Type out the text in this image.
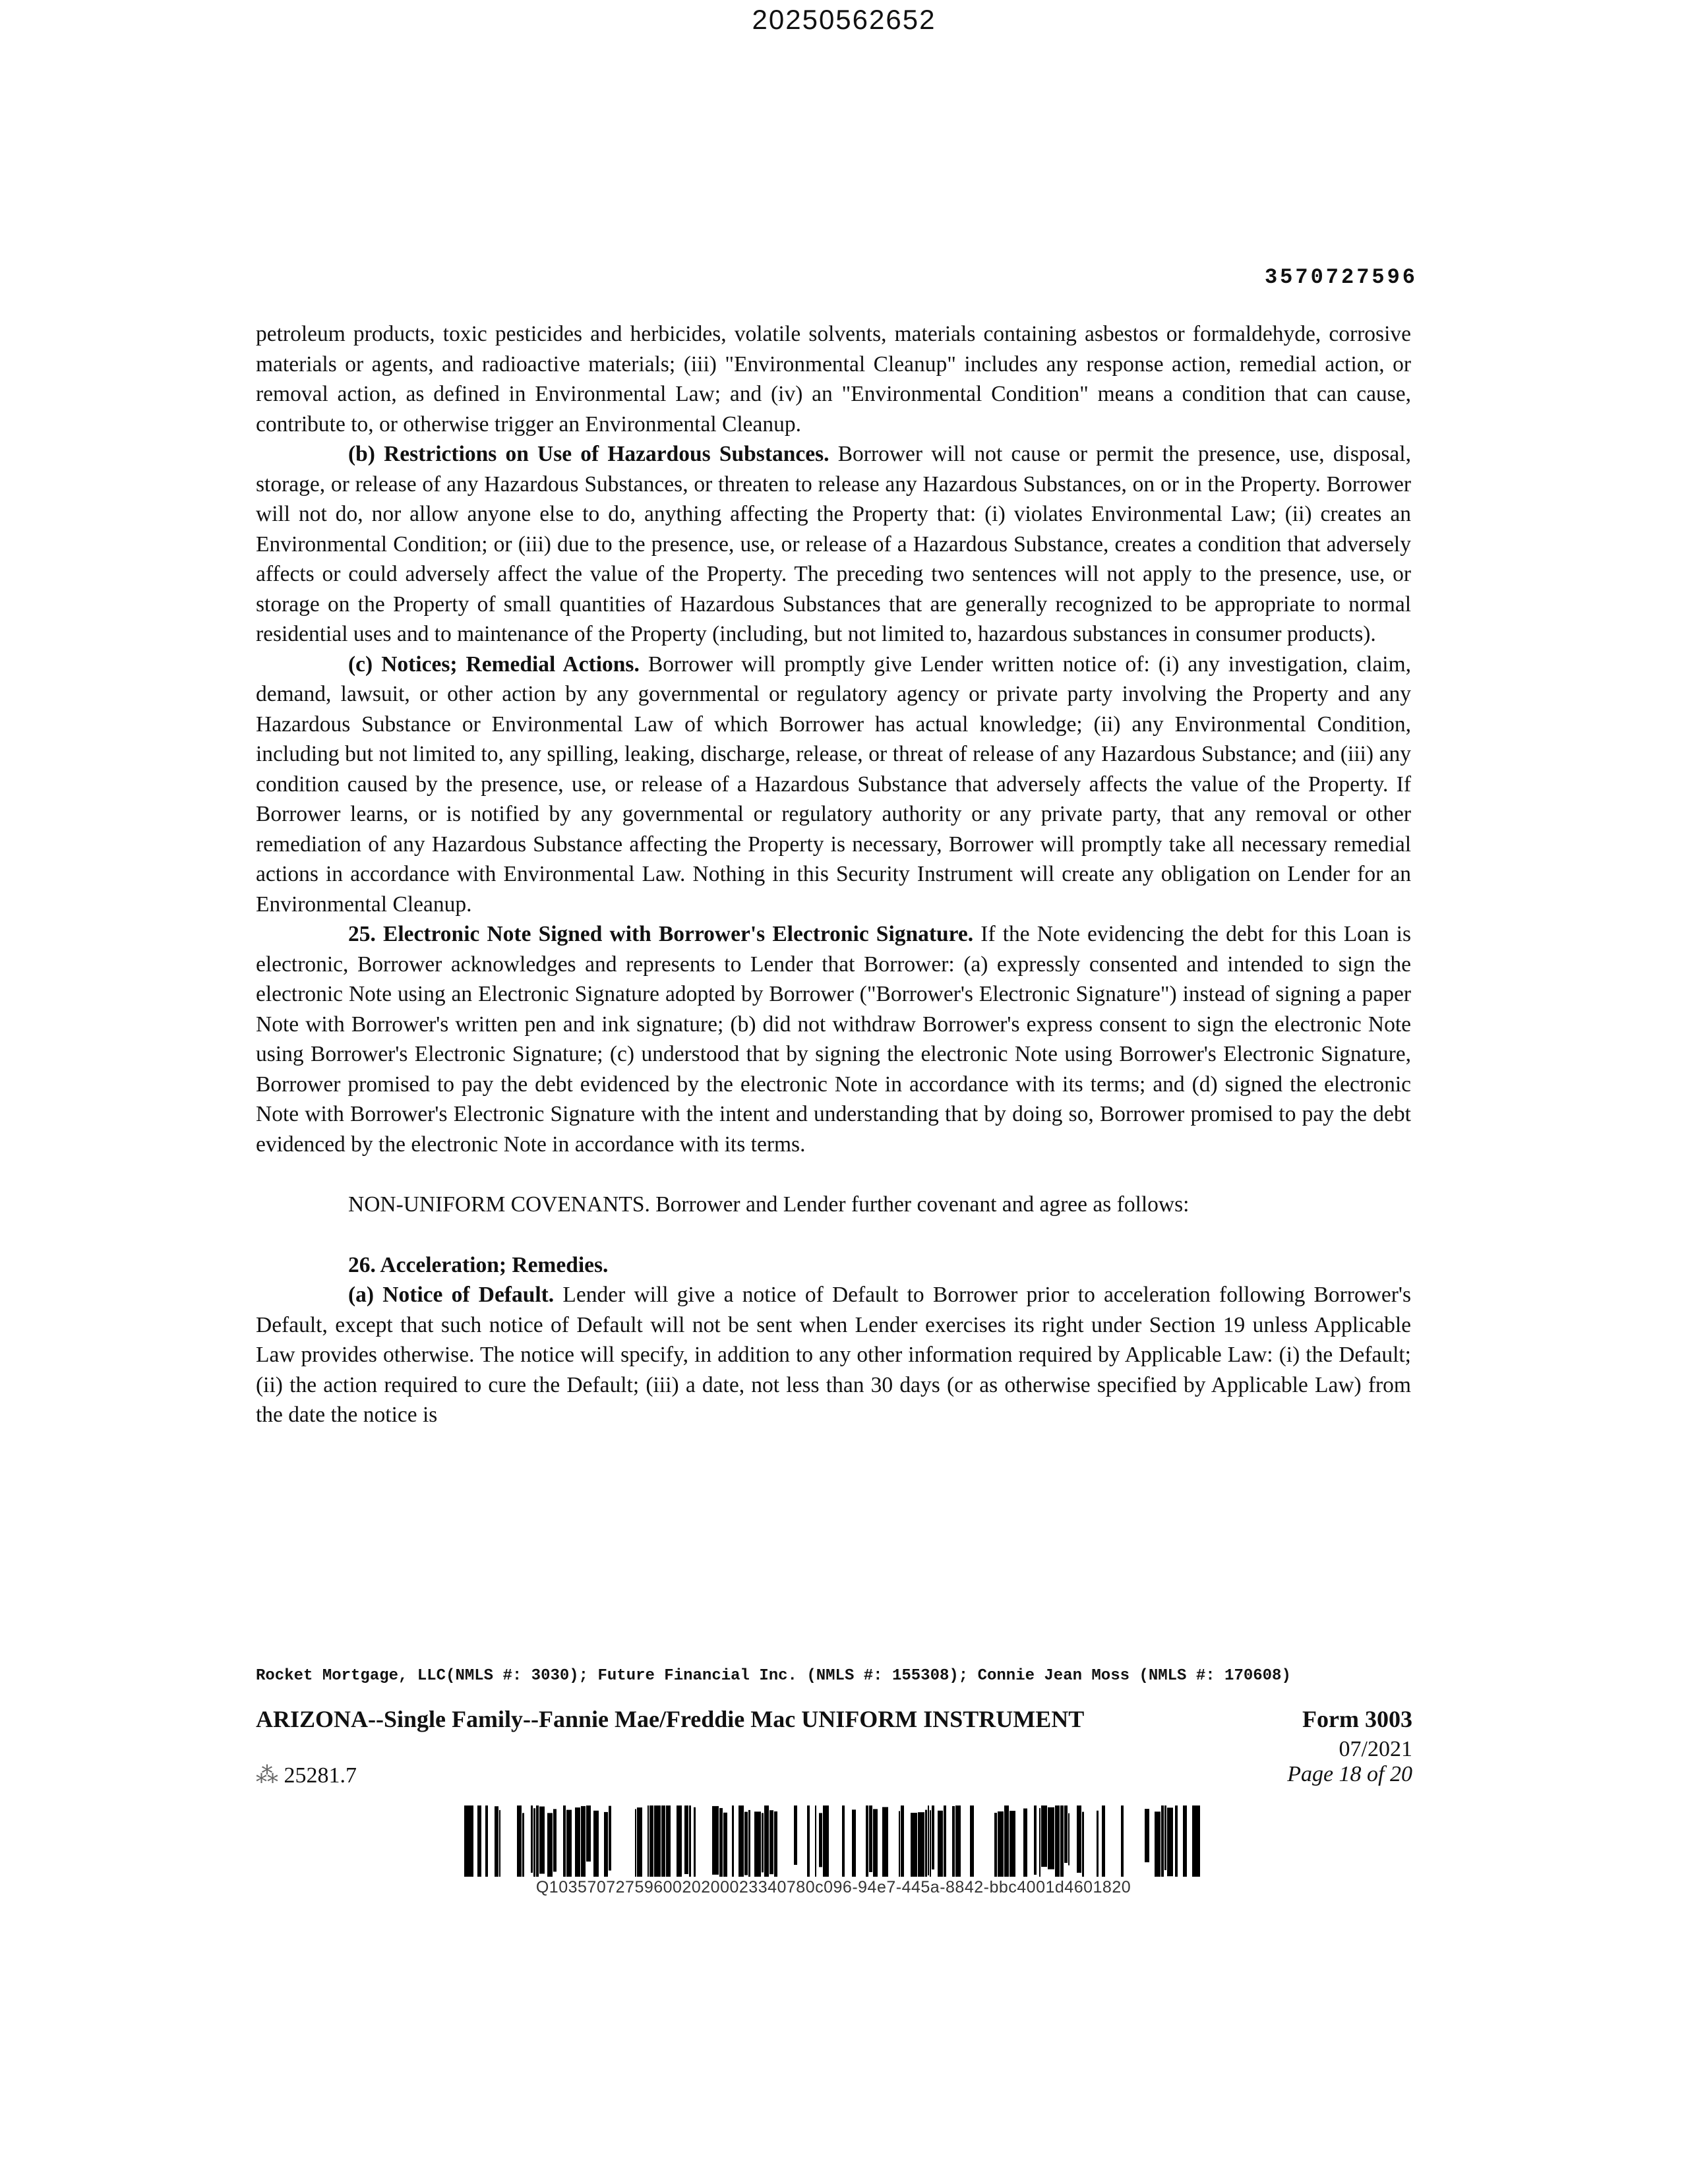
20250562652
3570727596

petroleum products, toxic pesticides and herbicides, volatile solvents, materials containing asbestos or formaldehyde, corrosive materials or agents, and radioactive materials; (iii) "Environmental Cleanup" includes any response action, remedial action, or removal action, as defined in Environmental Law; and (iv) an "Environmental Condition" means a condition that can cause, contribute to, or otherwise trigger an Environmental Cleanup.

(b) Restrictions on Use of Hazardous Substances. Borrower will not cause or permit the presence, use, disposal, storage, or release of any Hazardous Substances, or threaten to release any Hazardous Substances, on or in the Property. Borrower will not do, nor allow anyone else to do, anything affecting the Property that: (i) violates Environmental Law; (ii) creates an Environmental Condition; or (iii) due to the presence, use, or release of a Hazardous Substance, creates a condition that adversely affects or could adversely affect the value of the Property. The preceding two sentences will not apply to the presence, use, or storage on the Property of small quantities of Hazardous Substances that are generally recognized to be appropriate to normal residential uses and to maintenance of the Property (including, but not limited to, hazardous substances in consumer products).

(c) Notices; Remedial Actions. Borrower will promptly give Lender written notice of: (i) any investigation, claim, demand, lawsuit, or other action by any governmental or regulatory agency or private party involving the Property and any Hazardous Substance or Environmental Law of which Borrower has actual knowledge; (ii) any Environmental Condition, including but not limited to, any spilling, leaking, discharge, release, or threat of release of any Hazardous Substance; and (iii) any condition caused by the presence, use, or release of a Hazardous Substance that adversely affects the value of the Property. If Borrower learns, or is notified by any governmental or regulatory authority or any private party, that any removal or other remediation of any Hazardous Substance affecting the Property is necessary, Borrower will promptly take all necessary remedial actions in accordance with Environmental Law. Nothing in this Security Instrument will create any obligation on Lender for an Environmental Cleanup.

25. Electronic Note Signed with Borrower's Electronic Signature. If the Note evidencing the debt for this Loan is electronic, Borrower acknowledges and represents to Lender that Borrower: (a) expressly consented and intended to sign the electronic Note using an Electronic Signature adopted by Borrower ("Borrower's Electronic Signature") instead of signing a paper Note with Borrower's written pen and ink signature; (b) did not withdraw Borrower's express consent to sign the electronic Note using Borrower's Electronic Signature; (c) understood that by signing the electronic Note using Borrower's Electronic Signature, Borrower promised to pay the debt evidenced by the electronic Note in accordance with its terms; and (d) signed the electronic Note with Borrower's Electronic Signature with the intent and understanding that by doing so, Borrower promised to pay the debt evidenced by the electronic Note in accordance with its terms.

NON-UNIFORM COVENANTS. Borrower and Lender further covenant and agree as follows:

26. Acceleration; Remedies.

(a) Notice of Default. Lender will give a notice of Default to Borrower prior to acceleration following Borrower's Default, except that such notice of Default will not be sent when Lender exercises its right under Section 19 unless Applicable Law provides otherwise. The notice will specify, in addition to any other information required by Applicable Law: (i) the Default; (ii) the action required to cure the Default; (iii) a date, not less than 30 days (or as otherwise specified by Applicable Law) from the date the notice is

Rocket Mortgage, LLC(NMLS #: 3030); Future Financial Inc. (NMLS #: 155308); Connie Jean Moss (NMLS #: 170608)
ARIZONA--Single Family--Fannie Mae/Freddie Mac UNIFORM INSTRUMENT	Form 3003
07/2021
⁂ 25281.7	Page 18 of 20
Q1035707275960020200023340780c096-94e7-445a-8842-bbc4001d4601820
